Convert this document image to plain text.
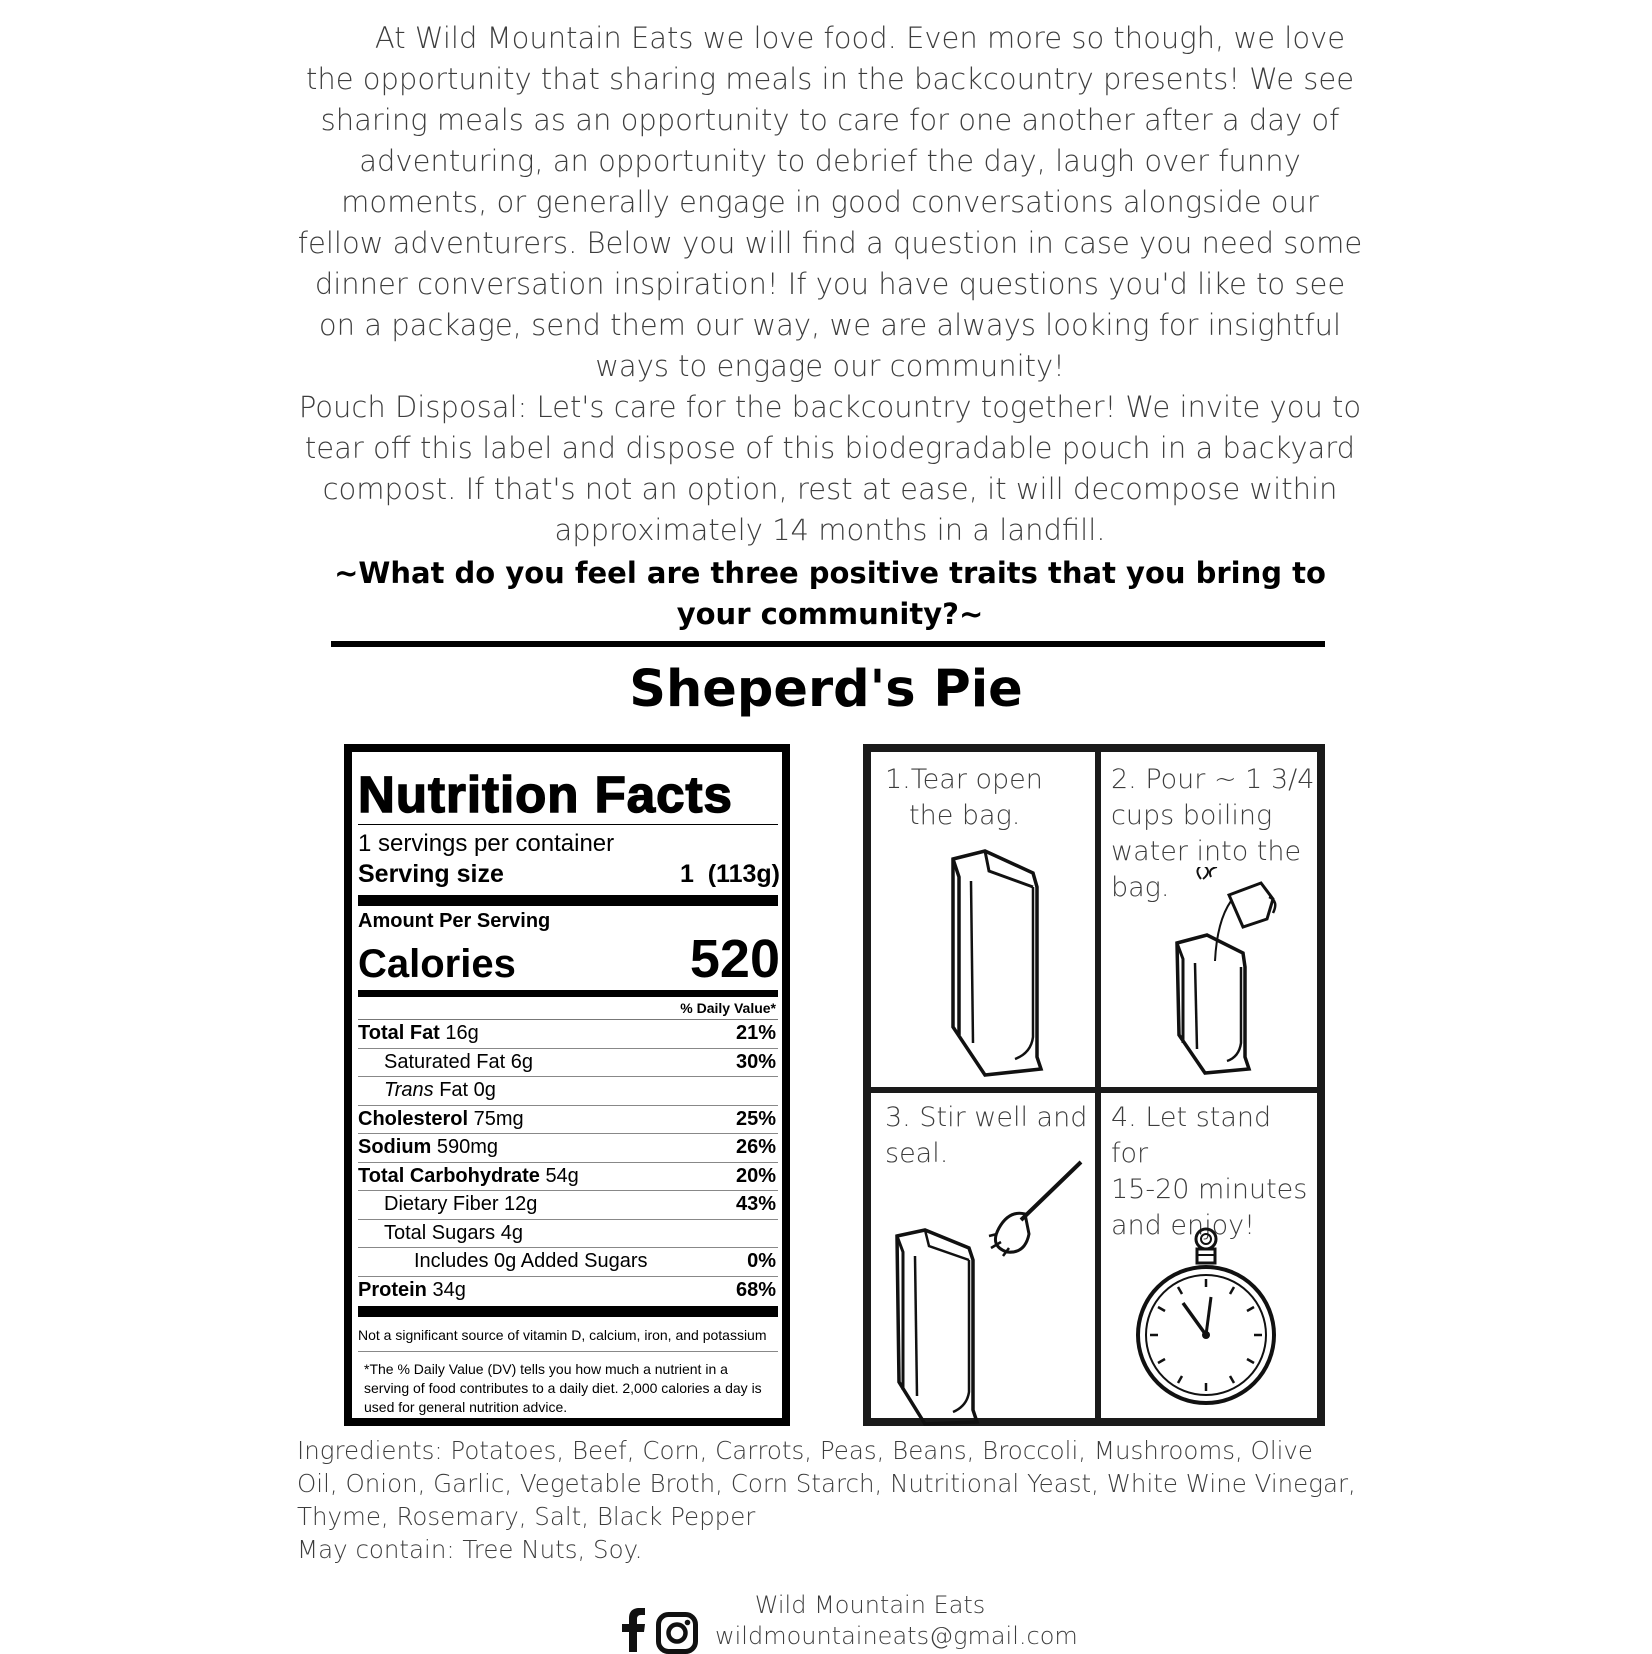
At Wild Mountain Eats we love food. Even more so though, we love the opportunity that sharing meals in the backcountry presents! We see sharing meals as an opportunity to care for one another after a day of adventuring, an opportunity to debrief the day, laugh over funny moments, or generally engage in good conversations alongside our fellow adventurers. Below you will find a question in case you need some dinner conversation inspiration! If you have questions you'd like to see on a package, send them our way, we are always looking for insightful ways to engage our community!

Pouch Disposal: Let's care for the backcountry together! We invite you to tear off this label and dispose of this biodegradable pouch in a backyard compost. If that's not an option, rest at ease, it will decompose within approximately 14 months in a landfill.

~What do you feel are three positive traits that you bring to your community?~
Sheperd's Pie
Nutrition Facts
1 servings per container
Serving size	1  (113g)
Amount Per Serving
Calories	520
% Daily Value*
Total Fat 16g	21%
Saturated Fat 6g	30%
Trans Fat 0g
Cholesterol 75mg	25%
Sodium 590mg	26%
Total Carbohydrate 54g	20%
Dietary Fiber 12g	43%
Total Sugars 4g
Includes 0g Added Sugars	0%
Protein 34g	68%
Not a significant source of vitamin D, calcium, iron, and potassium
*The % Daily Value (DV) tells you how much a nutrient in a serving of food contributes to a daily diet. 2,000 calories a day is used for general nutrition advice.
1.Tear open
the bag.
2. Pour ~ 1 3/4
cups boiling
water into the
bag.
3. Stir well and
seal.
4. Let stand for
15-20 minutes
and enjoy!

Ingredients: Potatoes, Beef, Corn, Carrots, Peas, Beans, Broccoli, Mushrooms, Olive Oil, Onion, Garlic, Vegetable Broth, Corn Starch, Nutritional Yeast, White Wine Vinegar, Thyme, Rosemary, Salt, Black Pepper

May contain: Tree Nuts, Soy.

Wild Mountain Eats
wildmountaineats@gmail.com
